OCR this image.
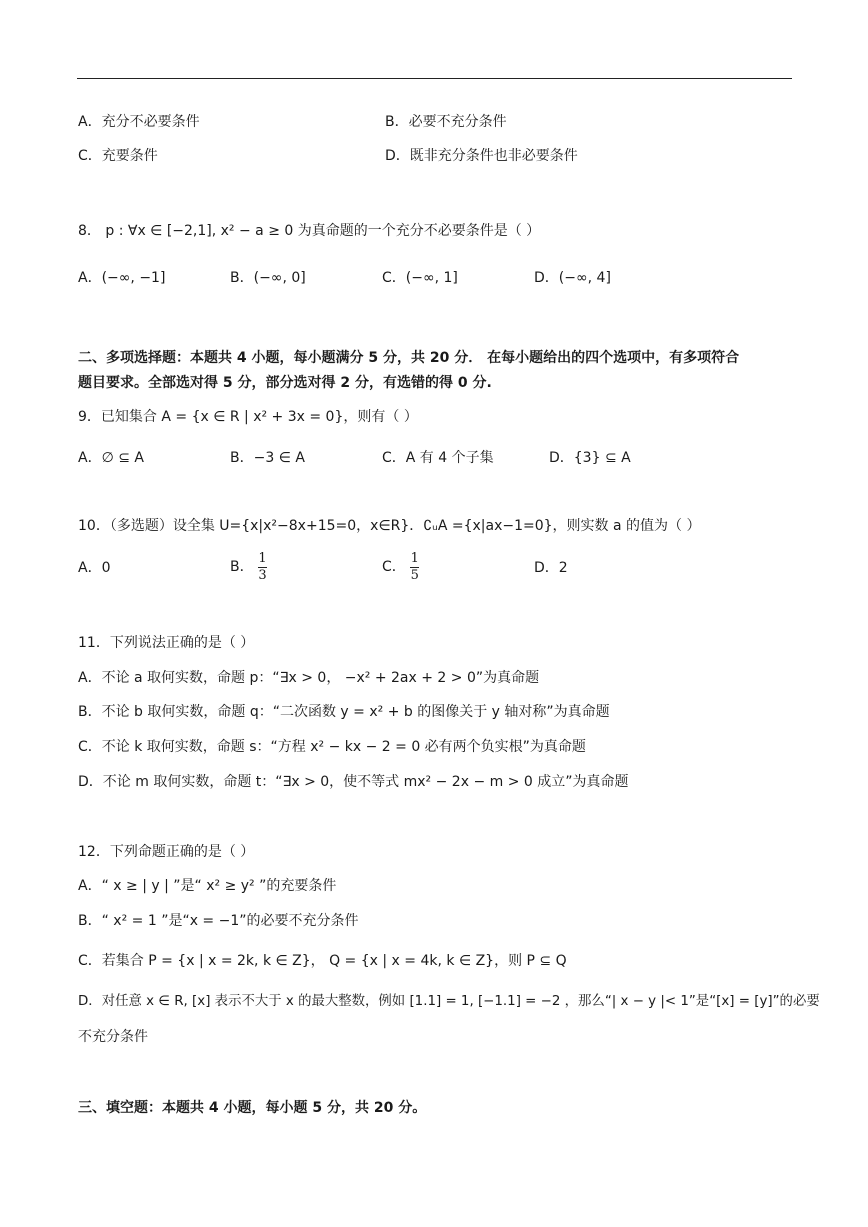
A．充分不必要条件	B．必要不充分条件
C．充要条件	D．既非充分条件也非必要条件
8． p : ∀x ∈ [−2,1], x² − a ≥ 0 为真命题的一个充分不必要条件是（ ）
A．(−∞, −1]	B．(−∞, 0]	C．(−∞, 1]	D．(−∞, 4]
二、多项选择题：本题共 4 小题，每小题满分 5 分，共 20 分． 在每小题给出的四个选项中，有多项符合
题目要求。全部选对得 5 分，部分选对得 2 分，有选错的得 0 分.
9．已知集合 A = {x ∈ R | x² + 3x = 0}，则有（ ）
A．∅ ⊆ A	B．−3 ∈ A	C．A 有 4 个子集	D．{3} ⊆ A
10．（多选题）设全集 U={x|x²−8x+15=0，x∈R}．∁ᵤA ={x|ax−1=0}，则实数 a 的值为（ ）
A．0	B． $\frac{1}{3}$	C． $\frac{1}{5}$	D．2
11．下列说法正确的是（ ）
A．不论 a 取何实数，命题 p：“∃x > 0， −x² + 2ax + 2 > 0”为真命题
B．不论 b 取何实数，命题 q：“二次函数 y = x² + b 的图像关于 y 轴对称”为真命题
C．不论 k 取何实数，命题 s：“方程 x² − kx − 2 = 0 必有两个负实根”为真命题
D．不论 m 取何实数，命题 t：“∃x > 0，使不等式 mx² − 2x − m > 0 成立”为真命题
12．下列命题正确的是（ ）
A．“ x ≥ | y | ”是“ x² ≥ y² ”的充要条件
B．“ x² = 1 ”是“x = −1”的必要不充分条件
C．若集合 P = {x | x = 2k, k ∈ Z}， Q = {x | x = 4k, k ∈ Z}，则 P ⊆ Q
D．对任意 x ∈ R, [x] 表示不大于 x 的最大整数，例如 [1.1] = 1, [−1.1] = −2 ，那么“| x − y |< 1”是“[x] = [y]”的必要
不充分条件
三、填空题：本题共 4 小题，每小题 5 分，共 20 分。
